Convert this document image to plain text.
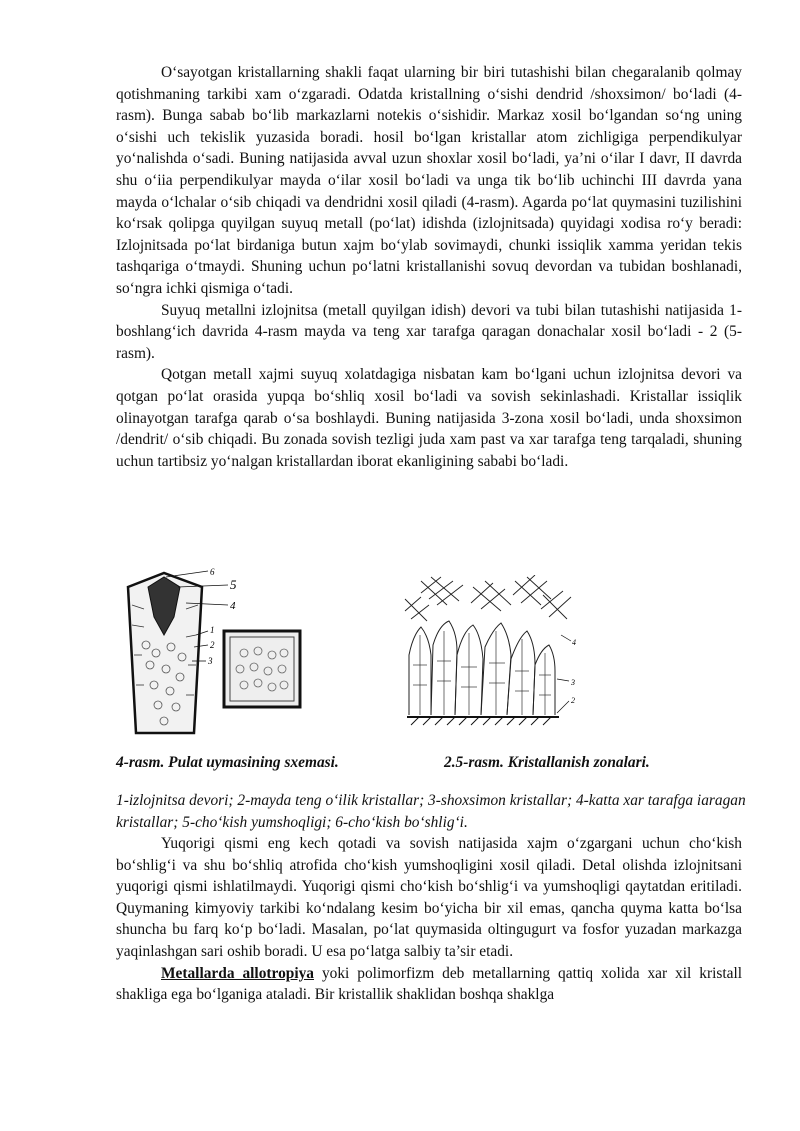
O‘sayotgan kristallarning shakli faqat ularning bir biri tutashishi bilan chegaralanib qolmay qotishmaning tarkibi xam o‘zgaradi. Odatda kristallning o‘sishi dendrid /shoxsimon/ bo‘ladi (4-rasm). Bunga sabab bo‘lib markazlarni notekis o‘sishidir. Markaz xosil bo‘lgandan so‘ng uning o‘sishi uch tekislik yuzasida boradi. hosil bo‘lgan kristallar atom zichligiga perpendikulyar yo‘nalishda o‘sadi. Buning natijasida avval uzun shoxlar xosil bo‘ladi, ya’ni o‘ilar I davr, II davrda shu o‘iia perpendikulyar mayda o‘ilar xosil bo‘ladi va unga tik bo‘lib uchinchi III davrda yana mayda o‘lchalar o‘sib chiqadi va dendridni xosil qiladi (4-rasm). Agarda po‘lat quymasini tuzilishini ko‘rsak qolipga quyilgan suyuq metall (po‘lat) idishda (izlojnitsada) quyidagi xodisa ro‘y beradi: Izlojnitsada po‘lat birdaniga butun xajm bo‘ylab sovimaydi, chunki issiqlik xamma yeridan tekis tashqariga o‘tmaydi. Shuning uchun po‘latni kristallanishi sovuq devordan va tubidan boshlanadi, so‘ngra ichki qismiga o‘tadi.

Suyuq metallni izlojnitsa (metall quyilgan idish) devori va tubi bilan tutashishi natijasida 1-boshlang‘ich davrida 4-rasm mayda va teng xar tarafga qaragan donachalar xosil bo‘ladi - 2 (5-rasm).

Qotgan metall xajmi suyuq xolatdagiga nisbatan kam bo‘lgani uchun izlojnitsa devori va qotgan po‘lat orasida yupqa bo‘shliq xosil bo‘ladi va sovish sekinlashadi. Kristallar issiqlik olinayotgan tarafga qarab o‘sa boshlaydi. Buning natijasida 3-zona xosil bo‘ladi, unda shoxsimon /dendrit/ o‘sib chiqadi. Bu zonada sovish tezligi juda xam past va xar tarafga teng tarqaladi, shuning uchun tartibsiz yo‘nalgan kristallardan iborat ekanligining sababi bo‘ladi.

6
5
4
1
2
3
4
3
2
4-rasm. Pulat uymasining sxemasi.	2.5-rasm. Kristallanish zonalari.
1-izlojnitsa devori; 2-mayda teng o‘ilik kristallar; 3-shoxsimon kristallar; 4-katta xar tarafga iaragan kristallar; 5-cho‘kish yumshoqligi; 6-cho‘kish bo‘shlig‘i.

Yuqorigi qismi eng kech qotadi va sovish natijasida xajm o‘zgargani uchun cho‘kish bo‘shlig‘i va shu bo‘shliq atrofida cho‘kish yumshoqligini xosil qiladi. Detal olishda izlojnitsani yuqorigi qismi ishlatilmaydi. Yuqorigi qismi cho‘kish bo‘shlig‘i va yumshoqligi qaytatdan eritiladi. Quymaning kimyoviy tarkibi ko‘ndalang kesim bo‘yicha bir xil emas, qancha quyma katta bo‘lsa shuncha bu farq ko‘p bo‘ladi. Masalan, po‘lat quymasida oltingugurt va fosfor yuzadan markazga yaqinlashgan sari oshib boradi. U esa po‘latga salbiy ta’sir etadi.

Metallarda allotropiya yoki polimorfizm deb metallarning qattiq xolida xar xil kristall shakliga ega bo‘lganiga ataladi. Bir kristallik shaklidan boshqa shaklga
